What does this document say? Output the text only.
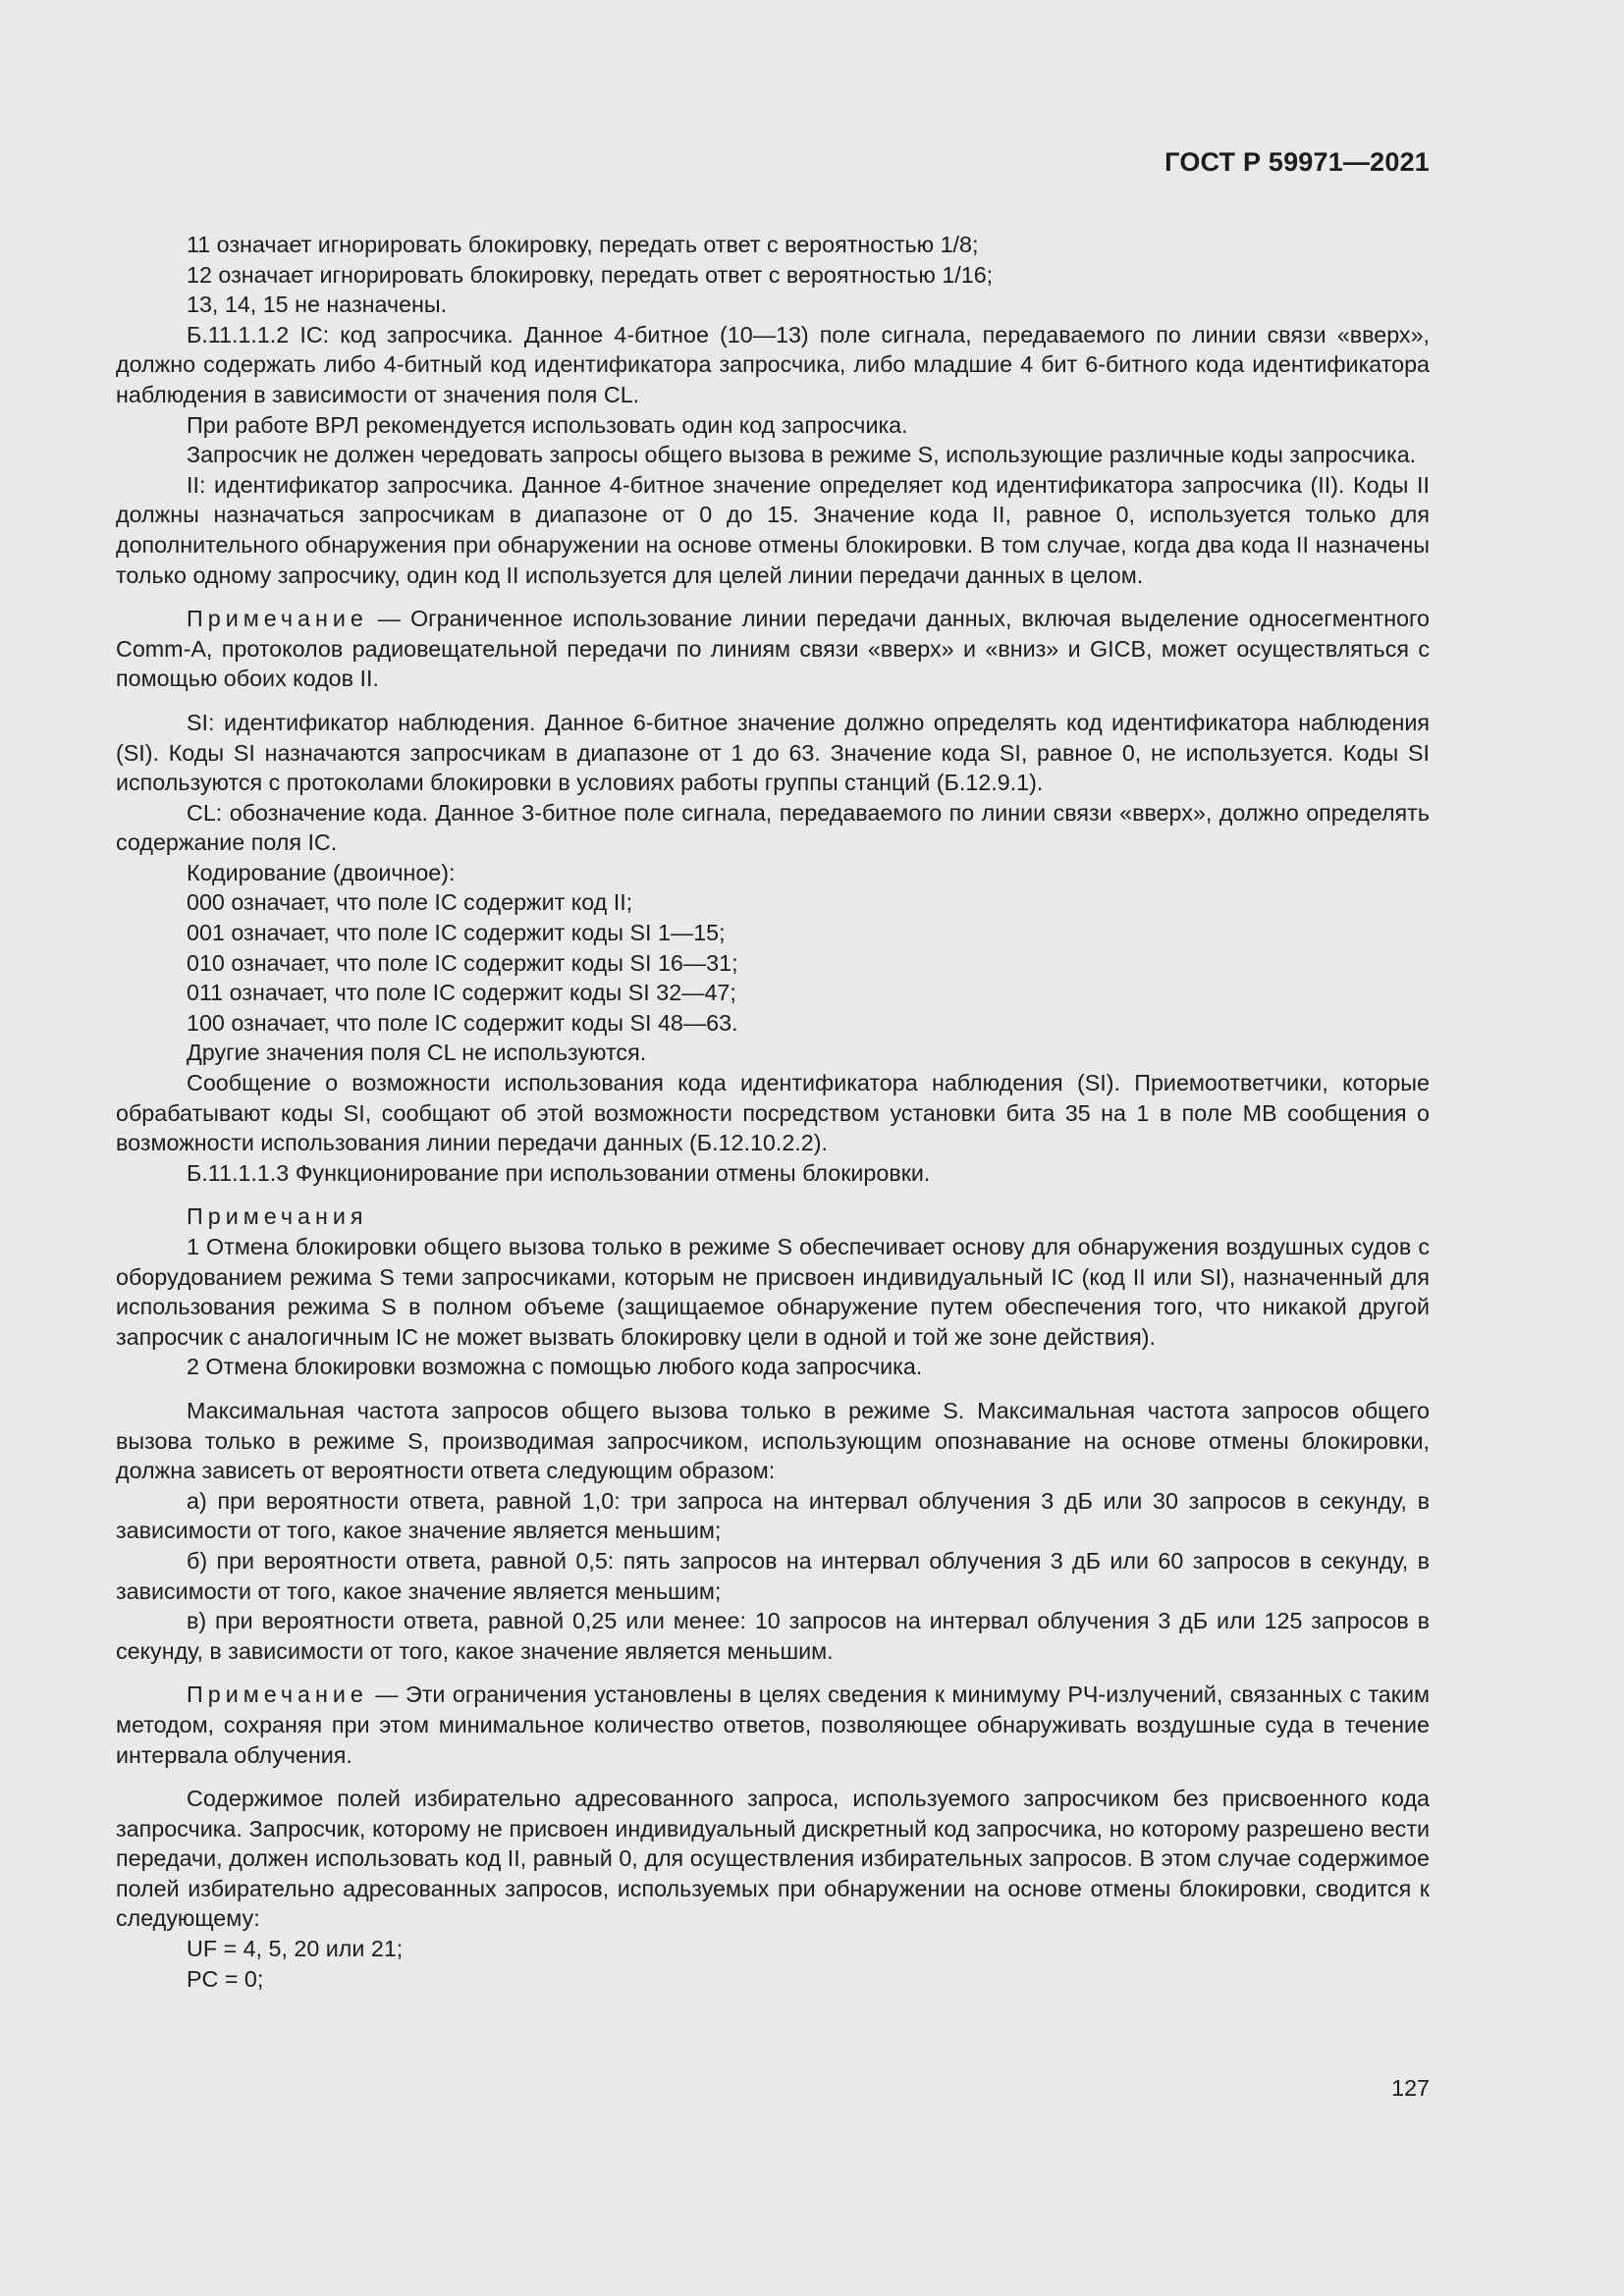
ГОСТ Р 59971—2021

11 означает игнорировать блокировку, передать ответ с вероятностью 1/8;

12 означает игнорировать блокировку, передать ответ с вероятностью 1/16;

13, 14, 15 не назначены.

Б.11.1.1.2 IC: код запросчика. Данное 4-битное (10—13) поле сигнала, передаваемого по линии связи «вверх», должно содержать либо 4-битный код идентификатора запросчика, либо младшие 4 бит 6-битного кода идентификатора наблюдения в зависимости от значения поля CL.

При работе ВРЛ рекомендуется использовать один код запросчика.

Запросчик не должен чередовать запросы общего вызова в режиме S, использующие различные коды запросчика.

II: идентификатор запросчика. Данное 4-битное значение определяет код идентификатора запросчика (II). Коды II должны назначаться запросчикам в диапазоне от 0 до 15. Значение кода II, равное 0, используется только для дополнительного обнаружения при обнаружении на основе отмены блокировки. В том случае, когда два кода II назначены только одному запросчику, один код II используется для целей линии передачи данных в целом.

Примечание — Ограниченное использование линии передачи данных, включая выделение односегментного Comm-A, протоколов радиовещательной передачи по линиям связи «вверх» и «вниз» и GICB, может осуществляться с помощью обоих кодов II.

SI: идентификатор наблюдения. Данное 6-битное значение должно определять код идентификатора наблюдения (SI). Коды SI назначаются запросчикам в диапазоне от 1 до 63. Значение кода SI, равное 0, не используется. Коды SI используются с протоколами блокировки в условиях работы группы станций (Б.12.9.1).

CL: обозначение кода. Данное 3-битное поле сигнала, передаваемого по линии связи «вверх», должно определять содержание поля IC.

Кодирование (двоичное):

000 означает, что поле IC содержит код II;

001 означает, что поле IC содержит коды SI 1—15;

010 означает, что поле IC содержит коды SI 16—31;

011 означает, что поле IC содержит коды SI 32—47;

100 означает, что поле IC содержит коды SI 48—63.

Другие значения поля CL не используются.

Сообщение о возможности использования кода идентификатора наблюдения (SI). Приемоответчики, которые обрабатывают коды SI, сообщают об этой возможности посредством установки бита 35 на 1 в поле МВ сообщения о возможности использования линии передачи данных (Б.12.10.2.2).

Б.11.1.1.3 Функционирование при использовании отмены блокировки.

Примечания

1 Отмена блокировки общего вызова только в режиме S обеспечивает основу для обнаружения воздушных судов с оборудованием режима S теми запросчиками, которым не присвоен индивидуальный IC (код II или SI), назначенный для использования режима S в полном объеме (защищаемое обнаружение путем обеспечения того, что никакой другой запросчик с аналогичным IC не может вызвать блокировку цели в одной и той же зоне действия).

2 Отмена блокировки возможна с помощью любого кода запросчика.

Максимальная частота запросов общего вызова только в режиме S. Максимальная частота запросов общего вызова только в режиме S, производимая запросчиком, использующим опознавание на основе отмены блокировки, должна зависеть от вероятности ответа следующим образом:

а) при вероятности ответа, равной 1,0: три запроса на интервал облучения 3 дБ или 30 запросов в секунду, в зависимости от того, какое значение является меньшим;

б) при вероятности ответа, равной 0,5: пять запросов на интервал облучения 3 дБ или 60 запросов в секунду, в зависимости от того, какое значение является меньшим;

в) при вероятности ответа, равной 0,25 или менее: 10 запросов на интервал облучения 3 дБ или 125 запросов в секунду, в зависимости от того, какое значение является меньшим.

Примечание — Эти ограничения установлены в целях сведения к минимуму РЧ-излучений, связанных с таким методом, сохраняя при этом минимальное количество ответов, позволяющее обнаруживать воздушные суда в течение интервала облучения.

Содержимое полей избирательно адресованного запроса, используемого запросчиком без присвоенного кода запросчика. Запросчик, которому не присвоен индивидуальный дискретный код запросчика, но которому разрешено вести передачи, должен использовать код II, равный 0, для осуществления избирательных запросов. В этом случае содержимое полей избирательно адресованных запросов, используемых при обнаружении на основе отмены блокировки, сводится к следующему:

UF = 4, 5, 20 или 21;

PC = 0;

127
